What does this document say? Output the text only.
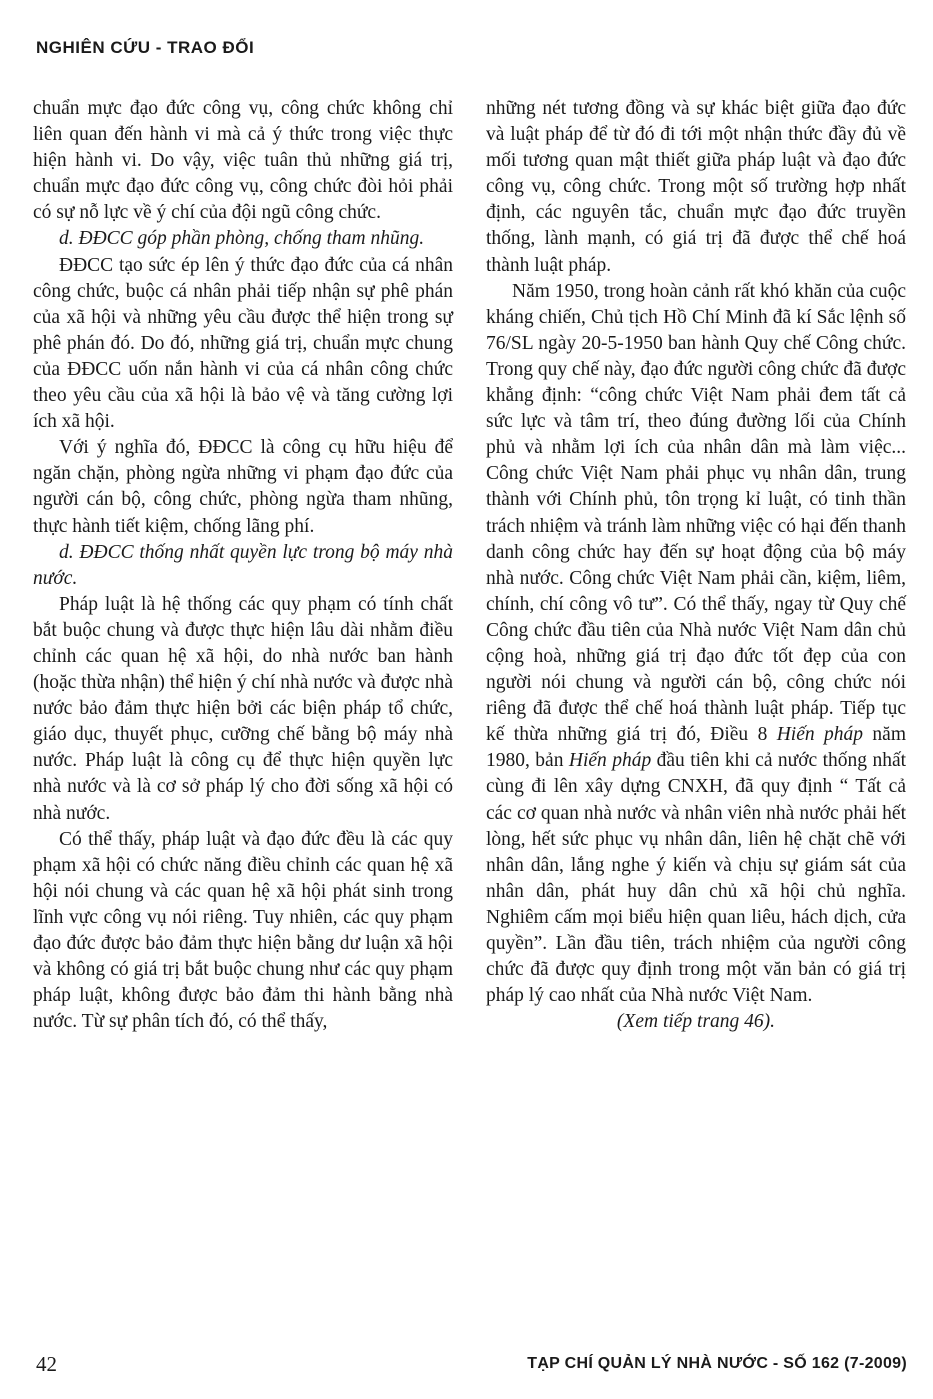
NGHIÊN CỨU - TRAO ĐỔI

chuẩn mực đạo đức công vụ, công chức không chỉ liên quan đến hành vi mà cả ý thức trong việc thực hiện hành vi. Do vậy, việc tuân thủ những giá trị, chuẩn mực đạo đức công vụ, công chức đòi hỏi phải có sự nỗ lực về ý chí của đội ngũ công chức.

d. ĐĐCC góp phần phòng, chống tham nhũng.

ĐĐCC tạo sức ép lên ý thức đạo đức của cá nhân công chức, buộc cá nhân phải tiếp nhận sự phê phán của xã hội và những yêu cầu được thể hiện trong sự phê phán đó. Do đó, những giá trị, chuẩn mực chung của ĐĐCC uốn nắn hành vi của cá nhân công chức theo yêu cầu của xã hội là bảo vệ và tăng cường lợi ích xã hội.

Với ý nghĩa đó, ĐĐCC là công cụ hữu hiệu để ngăn chặn, phòng ngừa những vi phạm đạo đức của người cán bộ, công chức, phòng ngừa tham nhũng, thực hành tiết kiệm, chống lãng phí.

d. ĐĐCC thống nhất quyền lực trong bộ máy nhà nước.

Pháp luật là hệ thống các quy phạm có tính chất bắt buộc chung và được thực hiện lâu dài nhằm điều chỉnh các quan hệ xã hội, do nhà nước ban hành (hoặc thừa nhận) thể hiện ý chí nhà nước và được nhà nước bảo đảm thực hiện bởi các biện pháp tổ chức, giáo dục, thuyết phục, cưỡng chế bằng bộ máy nhà nước. Pháp luật là công cụ để thực hiện quyền lực nhà nước và là cơ sở pháp lý cho đời sống xã hội có nhà nước.

Có thể thấy, pháp luật và đạo đức đều là các quy phạm xã hội có chức năng điều chỉnh các quan hệ xã hội nói chung và các quan hệ xã hội phát sinh trong lĩnh vực công vụ nói riêng. Tuy nhiên, các quy phạm đạo đức được bảo đảm thực hiện bằng dư luận xã hội và không có giá trị bắt buộc chung như các quy phạm pháp luật, không được bảo đảm thi hành bằng nhà nước. Từ sự phân tích đó, có thể thấy,

những nét tương đồng và sự khác biệt giữa đạo đức và luật pháp để từ đó đi tới một nhận thức đầy đủ về mối tương quan mật thiết giữa pháp luật và đạo đức công vụ, công chức. Trong một số trường hợp nhất định, các nguyên tắc, chuẩn mực đạo đức truyền thống, lành mạnh, có giá trị đã được thể chế hoá thành luật pháp.

Năm 1950, trong hoàn cảnh rất khó khăn của cuộc kháng chiến, Chủ tịch Hồ Chí Minh đã kí Sắc lệnh số 76/SL ngày 20-5-1950 ban hành Quy chế Công chức. Trong quy chế này, đạo đức người công chức đã được khẳng định: “công chức Việt Nam phải đem tất cả sức lực và tâm trí, theo đúng đường lối của Chính phủ và nhằm lợi ích của nhân dân mà làm việc... Công chức Việt Nam phải phục vụ nhân dân, trung thành với Chính phủ, tôn trọng kỉ luật, có tinh thần trách nhiệm và tránh làm những việc có hại đến thanh danh công chức hay đến sự hoạt động của bộ máy nhà nước. Công chức Việt Nam phải cần, kiệm, liêm, chính, chí công vô tư”. Có thể thấy, ngay từ Quy chế Công chức đầu tiên của Nhà nước Việt Nam dân chủ cộng hoà, những giá trị đạo đức tốt đẹp của con người nói chung và người cán bộ, công chức nói riêng đã được thể chế hoá thành luật pháp. Tiếp tục kế thừa những giá trị đó, Điều 8 Hiến pháp năm 1980, bản Hiến pháp đầu tiên khi cả nước thống nhất cùng đi lên xây dựng CNXH, đã quy định “ Tất cả các cơ quan nhà nước và nhân viên nhà nước phải hết lòng, hết sức phục vụ nhân dân, liên hệ chặt chẽ với nhân dân, lắng nghe ý kiến và chịu sự giám sát của nhân dân, phát huy dân chủ xã hội chủ nghĩa. Nghiêm cấm mọi biểu hiện quan liêu, hách dịch, cửa quyền”. Lần đầu tiên, trách nhiệm của người công chức đã được quy định trong một văn bản có giá trị pháp lý cao nhất của Nhà nước Việt Nam.

(Xem tiếp trang 46).

42	TẠP CHÍ QUẢN LÝ NHÀ NƯỚC - SỐ 162 (7-2009)
